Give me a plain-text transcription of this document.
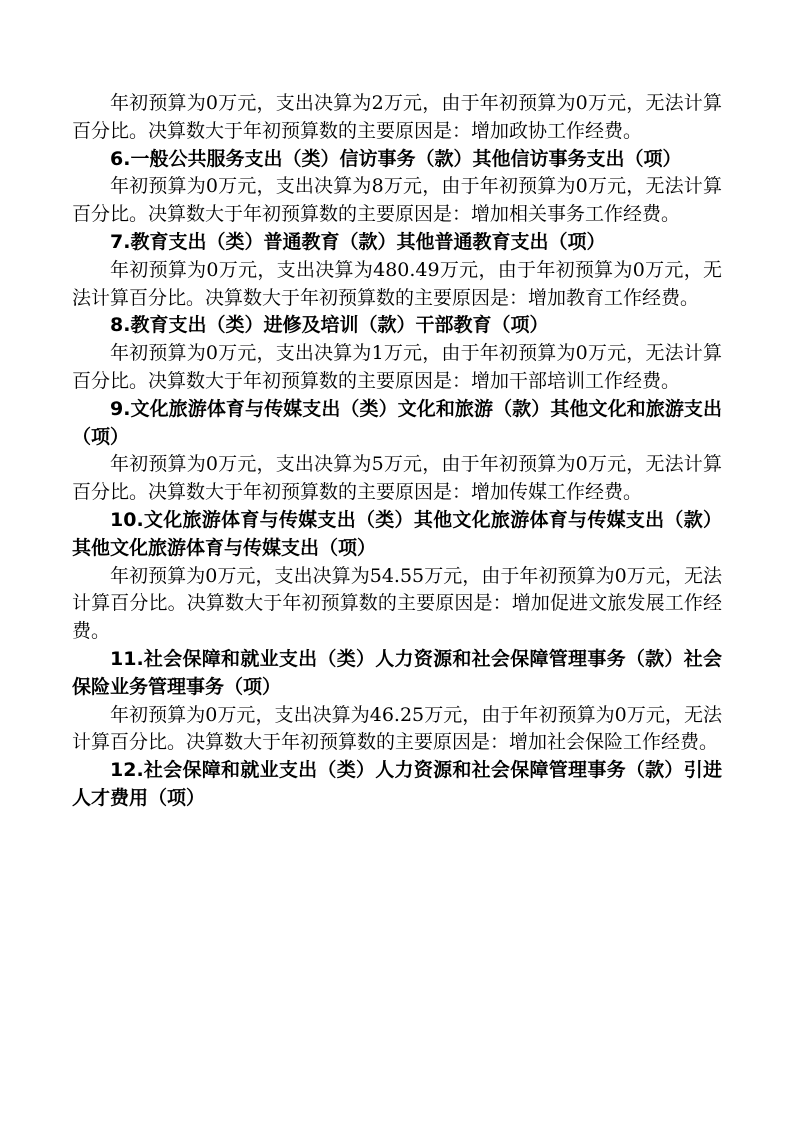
年初预算为0万元，支出决算为2万元，由于年初预算为0万元，无法计算百分比。决算数大于年初预算数的主要原因是：增加政协工作经费。

6.一般公共服务支出（类）信访事务（款）其他信访事务支出（项）

年初预算为0万元，支出决算为8万元，由于年初预算为0万元，无法计算百分比。决算数大于年初预算数的主要原因是：增加相关事务工作经费。

7.教育支出（类）普通教育（款）其他普通教育支出（项）

年初预算为0万元，支出决算为480.49万元，由于年初预算为0万元，无法计算百分比。决算数大于年初预算数的主要原因是：增加教育工作经费。

8.教育支出（类）进修及培训（款）干部教育（项）

年初预算为0万元，支出决算为1万元，由于年初预算为0万元，无法计算百分比。决算数大于年初预算数的主要原因是：增加干部培训工作经费。

9.文化旅游体育与传媒支出（类）文化和旅游（款）其他文化和旅游支出（项）

年初预算为0万元，支出决算为5万元，由于年初预算为0万元，无法计算百分比。决算数大于年初预算数的主要原因是：增加传媒工作经费。

10.文化旅游体育与传媒支出（类）其他文化旅游体育与传媒支出（款）其他文化旅游体育与传媒支出（项）

年初预算为0万元，支出决算为54.55万元，由于年初预算为0万元，无法计算百分比。决算数大于年初预算数的主要原因是：增加促进文旅发展工作经费。

11.社会保障和就业支出（类）人力资源和社会保障管理事务（款）社会保险业务管理事务（项）

年初预算为0万元，支出决算为46.25万元，由于年初预算为0万元，无法计算百分比。决算数大于年初预算数的主要原因是：增加社会保险工作经费。

12.社会保障和就业支出（类）人力资源和社会保障管理事务（款）引进人才费用（项）
